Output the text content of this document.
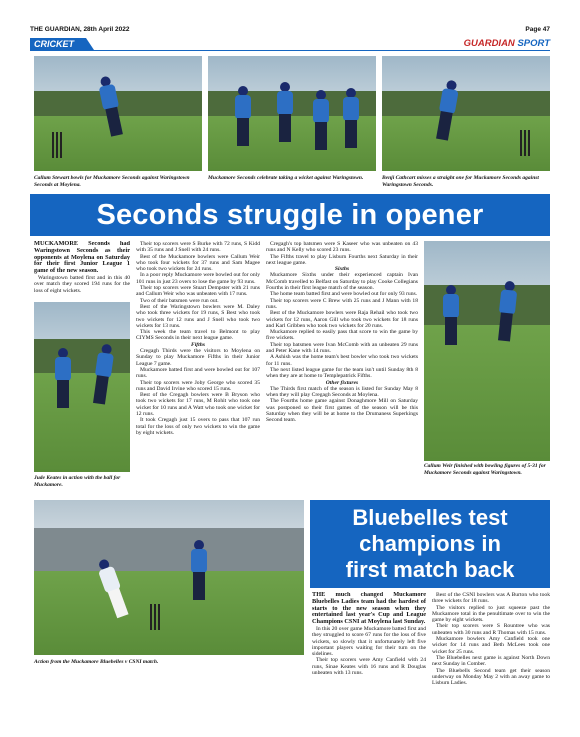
THE GUARDIAN, 28th April 2022	Page 47
CRICKET	GUARDIAN SPORT
Callum Stewart bowls for Muckamore Seconds against Waringstown Seconds at Moylena.
Muckamore Seconds celebrate taking a wicket against Waringstown.	Benji Cathcart misses a straight one for Muckamore Seconds against Waringstown Seconds.
Seconds struggle in opener

MUCKAMORE Seconds had Waringstown Seconds as their opponents at Moylena on Saturday for their first Junior League 1 game of the new season.

Waringstown batted first and in this 40 over match they scored 194 runs for the loss of eight wickets.

Jude Keates in action with the ball for Muckamore.

Their top scorers were S Burke with 72 runs, S Kidd with 35 runs and J Snell with 24 runs.

Best of the Muckamore bowlers were Callum Weir who took four wickets for 37 runs and Sam Magee who took two wickets for 24 runs.

In a poor reply Muckamore were bowled out for only 101 runs in just 23 overs to lose the game by 93 runs.

Their top scorers were Stuart Dempster with 21 runs and Callum Weir who was unbeaten with 17 runs.

Two of their batsmen were run out.

Best of the Waringstown bowlers were M. Daley who took three wickets for 19 runs, S Best who took two wickets for 12 runs and J Snell who took two wickets for 13 runs.

This week the team travel to Belmont to play CIYMS Seconds in their next league game.

Fifths

Cregagh Thirds were the visitors to Moylena on Sunday to play Muckamore Fifths in their Junior League 7 game.

Muckamore batted first and were bowled out for 107 runs.

Their top scorers were Joby George who scored 35 runs and David Irvine who scored 15 runs.

Best of the Cregagh bowlers were B Bryson who took two wickets for 17 runs, M Rohit who took one wicket for 10 runs and A Watt who took one wicket for 12 runs.

It took Cregagh just 15 overs to pass that 107 run total for the loss of only two wickets to win the game by eight wickets.

Cregagh's top batsmen were S Kaseer who was unbeaten on 43 runs and N Kelly who scored 23 runs.

The Fifths travel to play Lisburn Fourths next Saturday in their next league game.

Sixths

Muckamore Sixths under their experienced captain Ivan McComb travelled to Belfast on Saturday to play Cooke Collegians Fourths in their first league match of the season.

The home team batted first and were bowled out for only 93 runs.

Their top scorers were C Brew with 25 runs and J Mann with 18 runs.

Best of the Muckamore bowlers were Raja Rehail who took two wickets for 12 runs, Aaron Gill who took two wickets for 18 runs and Karl Gribben who took two wickets for 20 runs.

Muckamore replied to easily pass that score to win the game by five wickets.

Their top batsmen were Ivan McComb with an unbeaten 29 runs and Peter Kane with 14 runs.

A Ashish was the home team's best bowler who took two wickets for 11 runs.

The next listed league game for the team isn't until Sunday 8th 8 when they are at home to Templepatrick Fifths.

Other fixtures

The Thirds first match of the season is listed for Sunday May 8 when they will play Cregagh Seconds at Moylena.

The Fourths home game against Donaghmore Mill on Saturday was postponed so their first games of the season will be this Saturday when they will be at home to the Drumaness Superkings Second team.

Callum Weir finished with bowling figures of 5-31 for Muckamore Seconds against Waringstown.
Action from the Muckamore Bluebelles v CSNI match.
Bluebelles test
champions in
first match back

THE much changed Muckamore Bluebelles Ladies team had the hardest of starts to the new season when they entertained last year's Cup and League Champions CSNI at Moylena last Sunday.

In this 20 over game Muckamore batted first and they struggled to score 67 runs for the loss of five wickets, so slowly that it unfortunately left five important players waiting for their turn on the sidelines.

Their top scorers were Amy Canfield with 24 runs, Sinae Keates with 16 runs and R Douglas unbeaten with 13 runs.

Best of the CSNI bowlers was A Burton who took three wickets for 18 runs.

The visitors replied to just squeeze past the Muckamore total in the penultimate over to win the game by eight wickets.

Their top scorers were S Rountree who was unbeaten with 30 runs and R Thomas with 15 runs.

Muckamore bowlers Amy Canfield took one wicket for 14 runs and Beth McLees took one wicket for 25 runs.

The Bluebelles next game is against North Down next Sunday in Comber.

The Bluebells Second team get their season underway on Monday May 2 with an away game to Lisburn Ladies.
